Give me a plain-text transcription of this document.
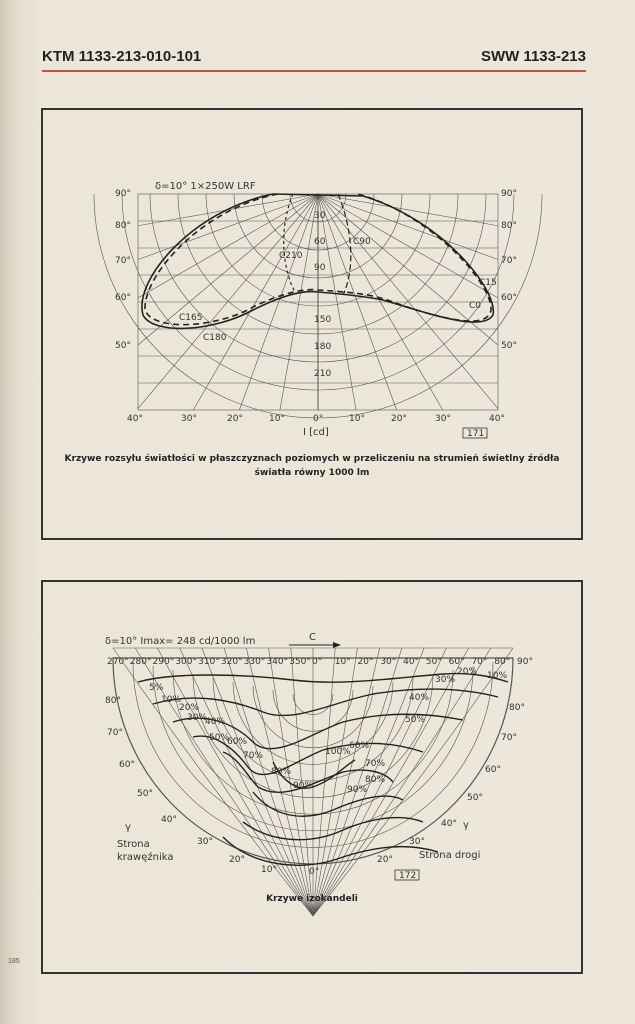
KTM 1133-213-010-101	SWW 1133-213
δ=10° 1×250W LRF
90°
80°
70°
60°
50°
90°
80°
70°
60°
50°
40°	30°	20°	10°	0°	10°	20°	30°	40°
30
60
90
150
180
210
C210
C90
C165
C180
C15
C0
I [cd]	171
Krzywe rozsyłu światłości w płaszczyznach poziomych w przeliczeniu na strumień świetlny źródła
światła równy 1000 lm
δ=10° Imax= 248 cd/1000 lm	C
270° 280° 290° 300° 310° 320° 330° 340° 350° 0° 10° 20° 30° 40° 50° 60° 70° 80° 90°
80°
70°
60°
50°
40°
30°
20°
10°
80°
70°
60°
50°
40°
30°
20°
0°
5%
10%
20%
30%
40%
50%
60%
70%
80%
90%
100%
60%
70%
80%
50%
40%
30%
20% 10%
90%
Strona
krawęźnika	Strona drogi
γ	γ
172
Krzywe izokandeli
185
